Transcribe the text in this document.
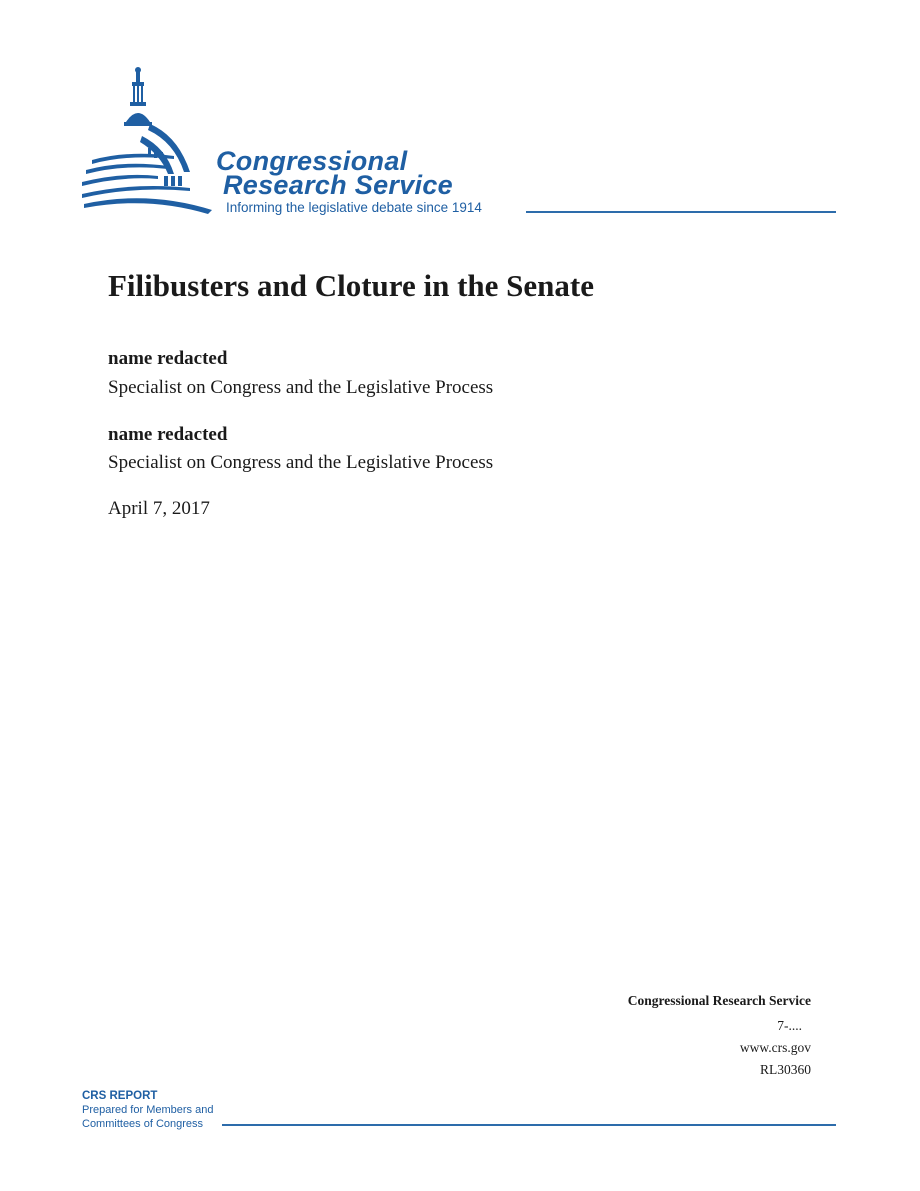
Congressional
Research Service
Informing the legislative debate since 1914
Filibusters and Cloture in the Senate
name redacted
Specialist on Congress and the Legislative Process
name redacted
Specialist on Congress and the Legislative Process
April 7, 2017
Congressional Research Service
7-....
www.crs.gov
RL30360
CRS REPORT
Prepared for Members and
Committees of Congress
